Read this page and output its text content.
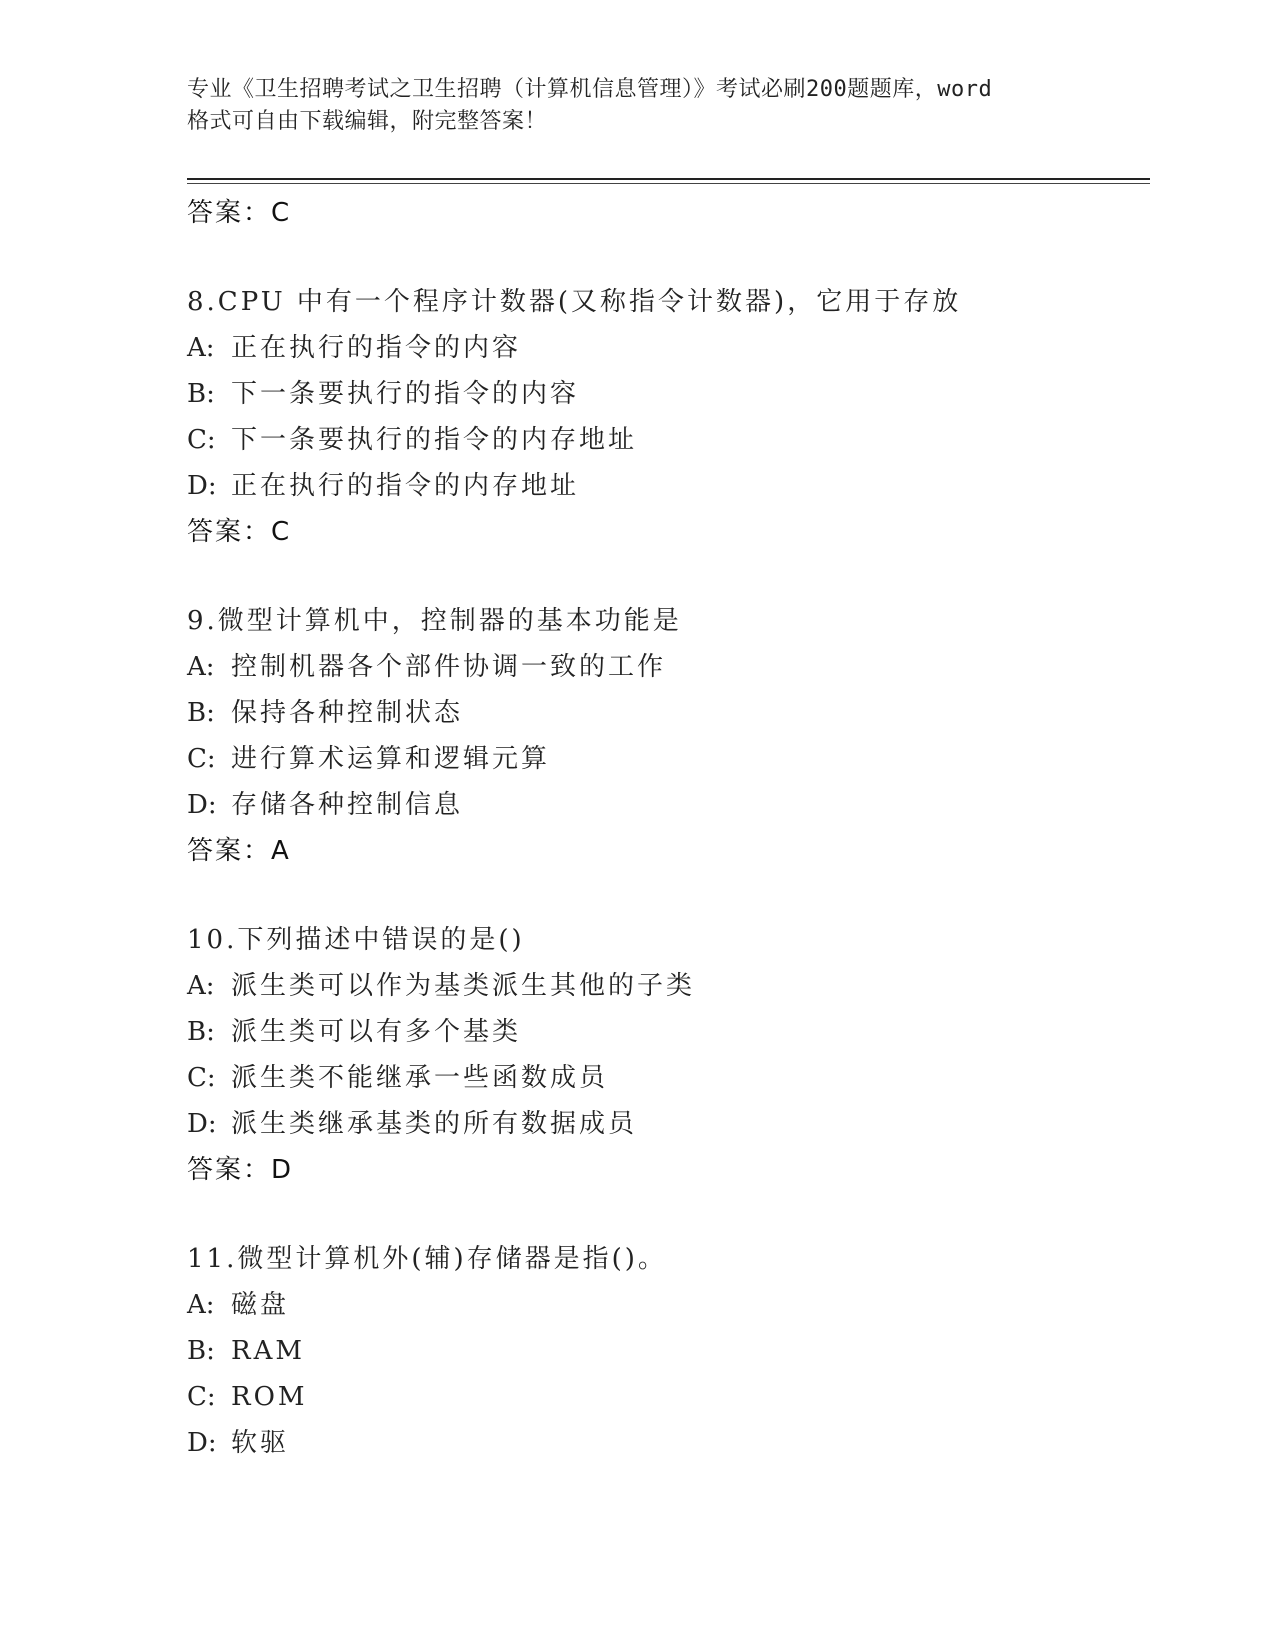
专业《卫生招聘考试之卫生招聘（计算机信息管理）》考试必刷200题题库，word
格式可自由下载编辑，附完整答案！
答案：C
8.CPU 中有一个程序计数器(又称指令计数器)，它用于存放
A: 正在执行的指令的内容
B: 下一条要执行的指令的内容
C: 下一条要执行的指令的内存地址
D: 正在执行的指令的内存地址
答案：C
9.微型计算机中，控制器的基本功能是
A: 控制机器各个部件协调一致的工作
B: 保持各种控制状态
C: 进行算术运算和逻辑元算
D: 存储各种控制信息
答案：A
10.下列描述中错误的是()
A: 派生类可以作为基类派生其他的子类
B: 派生类可以有多个基类
C: 派生类不能继承一些函数成员
D: 派生类继承基类的所有数据成员
答案：D
11.微型计算机外(辅)存储器是指()。
A: 磁盘
B: RAM
C: ROM
D: 软驱
